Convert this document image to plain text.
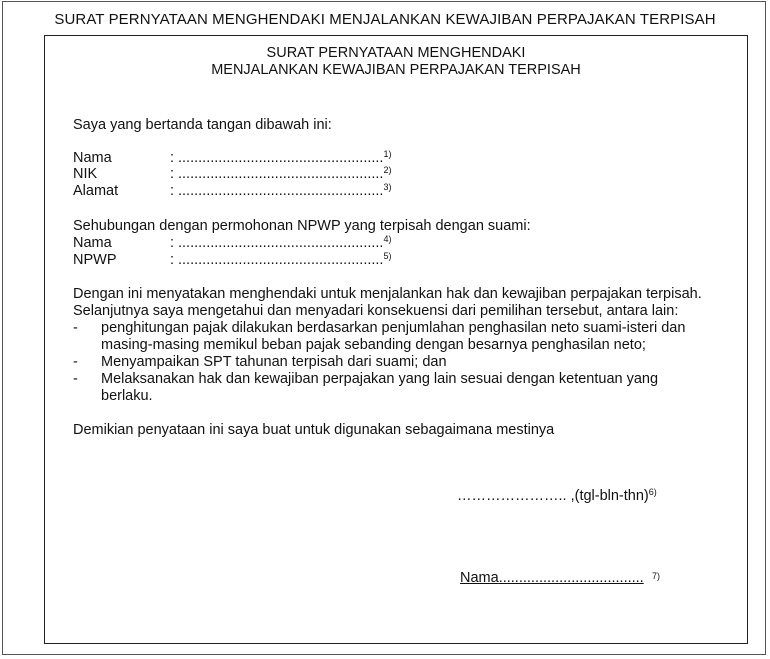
SURAT PERNYATAAN MENGHENDAKI MENJALANKAN KEWAJIBAN PERPAJAKAN TERPISAH
SURAT PERNYATAAN MENGHENDAKI
MENJALANKAN KEWAJIBAN PERPAJAKAN TERPISAH
Saya yang bertanda tangan dibawah ini:
Nama	: ...................................................$^{1)}$
NIK	: ...................................................$^{2)}$
Alamat	: ...................................................$^{3)}$
Sehubungan dengan permohonan NPWP yang terpisah dengan suami:
Nama	: ...................................................$^{4)}$
NPWP	: ...................................................$^{5)}$
Dengan ini menyatakan menghendaki untuk menjalankan hak dan kewajiban perpajakan terpisah.
Selanjutnya saya mengetahui dan menyadari konsekuensi dari pemilihan tersebut, antara lain:
- penghitungan pajak dilakukan berdasarkan penjumlahan penghasilan neto suami-isteri dan
masing-masing memikul beban pajak sebanding dengan besarnya penghasilan neto;
- Menyampaikan SPT tahunan terpisah dari suami; dan
- Melaksanakan hak dan kewajiban perpajakan yang lain sesuai dengan ketentuan yang
berlaku.
Demikian penyataan ini saya buat untuk digunakan sebagaimana mestinya
………………….. $,(tgl-bln-thn)^{6)}$
Nama.................................... $_{7)}$
